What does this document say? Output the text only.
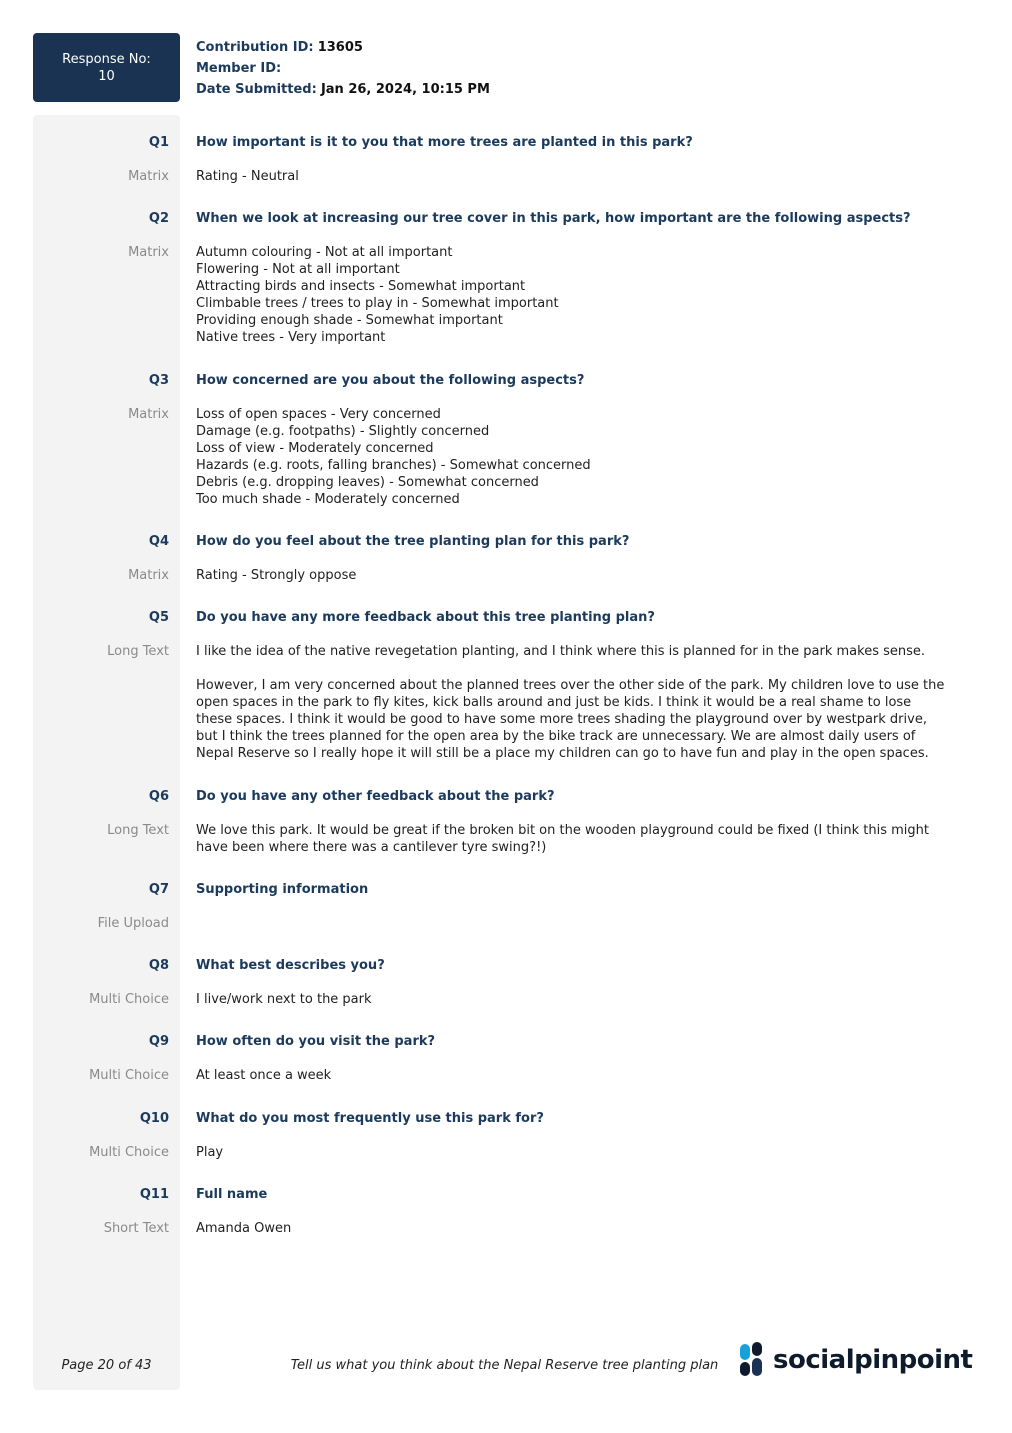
Response No:
10
Contribution ID: 13605
Member ID:
Date Submitted: Jan 26, 2024, 10:15 PM
Q1 How important is it to you that more trees are planted in this park?
Matrix Rating - Neutral
Q2 When we look at increasing our tree cover in this park, how important are the following aspects?
Matrix Autumn colouring - Not at all important
Flowering - Not at all important
Attracting birds and insects - Somewhat important
Climbable trees / trees to play in - Somewhat important
Providing enough shade - Somewhat important
Native trees - Very important
Q3 How concerned are you about the following aspects?
Matrix Loss of open spaces - Very concerned
Damage (e.g. footpaths) - Slightly concerned
Loss of view - Moderately concerned
Hazards (e.g. roots, falling branches) - Somewhat concerned
Debris (e.g. dropping leaves) - Somewhat concerned
Too much shade - Moderately concerned
Q4 How do you feel about the tree planting plan for this park?
Matrix Rating - Strongly oppose
Q5 Do you have any more feedback about this tree planting plan?
Long Text I like the idea of the native revegetation planting, and I think where this is planned for in the park makes sense.
However, I am very concerned about the planned trees over the other side of the park. My children love to use the open spaces in the park to fly kites, kick balls around and just be kids. I think it would be a real shame to lose these spaces. I think it would be good to have some more trees shading the playground over by westpark drive, but I think the trees planned for the open area by the bike track are unnecessary. We are almost daily users of Nepal Reserve so I really hope it will still be a place my children can go to have fun and play in the open spaces.
Q6 Do you have any other feedback about the park?
Long Text We love this park. It would be great if the broken bit on the wooden playground could be fixed (I think this might have been where there was a cantilever tyre swing?!)
Q7 Supporting information
File Upload
Q8 What best describes you?
Multi Choice I live/work next to the park
Q9 How often do you visit the park?
Multi Choice At least once a week
Q10 What do you most frequently use this park for?
Multi Choice Play
Q11 Full name
Short Text Amanda Owen
Page 20 of 43	Tell us what you think about the Nepal Reserve tree planting plan	socialpinpoint
